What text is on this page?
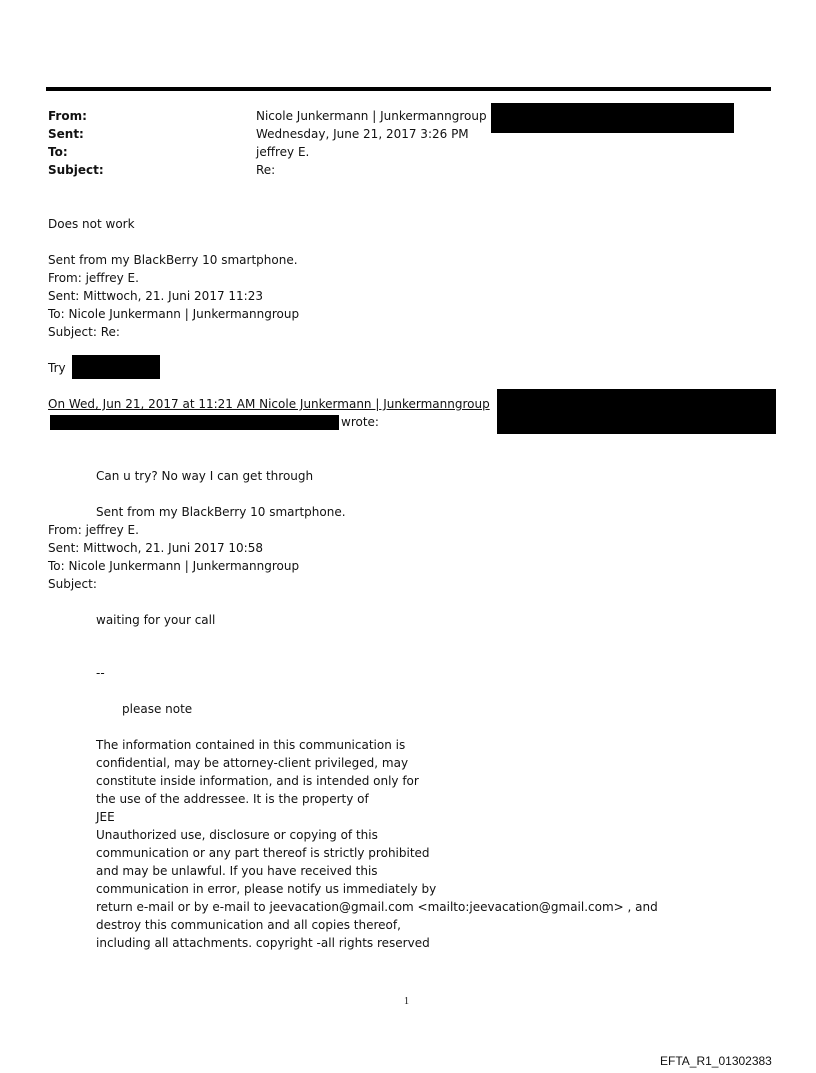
From:
Sent:
To:
Subject:
Nicole Junkermann | Junkermanngroup
Wednesday, June 21, 2017 3:26 PM
jeffrey E.
Re:
Does not work
Sent from my BlackBerry 10 smartphone.
From: jeffrey E.
Sent: Mittwoch, 21. Juni 2017 11:23
To: Nicole Junkermann | Junkermanngroup
Subject: Re:
Try
On Wed, Jun 21, 2017 at 11:21 AM Nicole Junkermann | Junkermanngroup
wrote:
Can u try? No way I can get through
Sent from my BlackBerry 10 smartphone.
From: jeffrey E.
Sent: Mittwoch, 21. Juni 2017 10:58
To: Nicole Junkermann | Junkermanngroup
Subject:
waiting for your call
--
please note
The information contained in this communication is
confidential, may be attorney-client privileged, may
constitute inside information, and is intended only for
the use of the addressee. It is the property of
JEE
Unauthorized use, disclosure or copying of this
communication or any part thereof is strictly prohibited
and may be unlawful. If you have received this
communication in error, please notify us immediately by
return e-mail or by e-mail to jeevacation@gmail.com <mailto:jeevacation@gmail.com> , and
destroy this communication and all copies thereof,
including all attachments. copyright -all rights reserved
1
EFTA_R1_01302383
